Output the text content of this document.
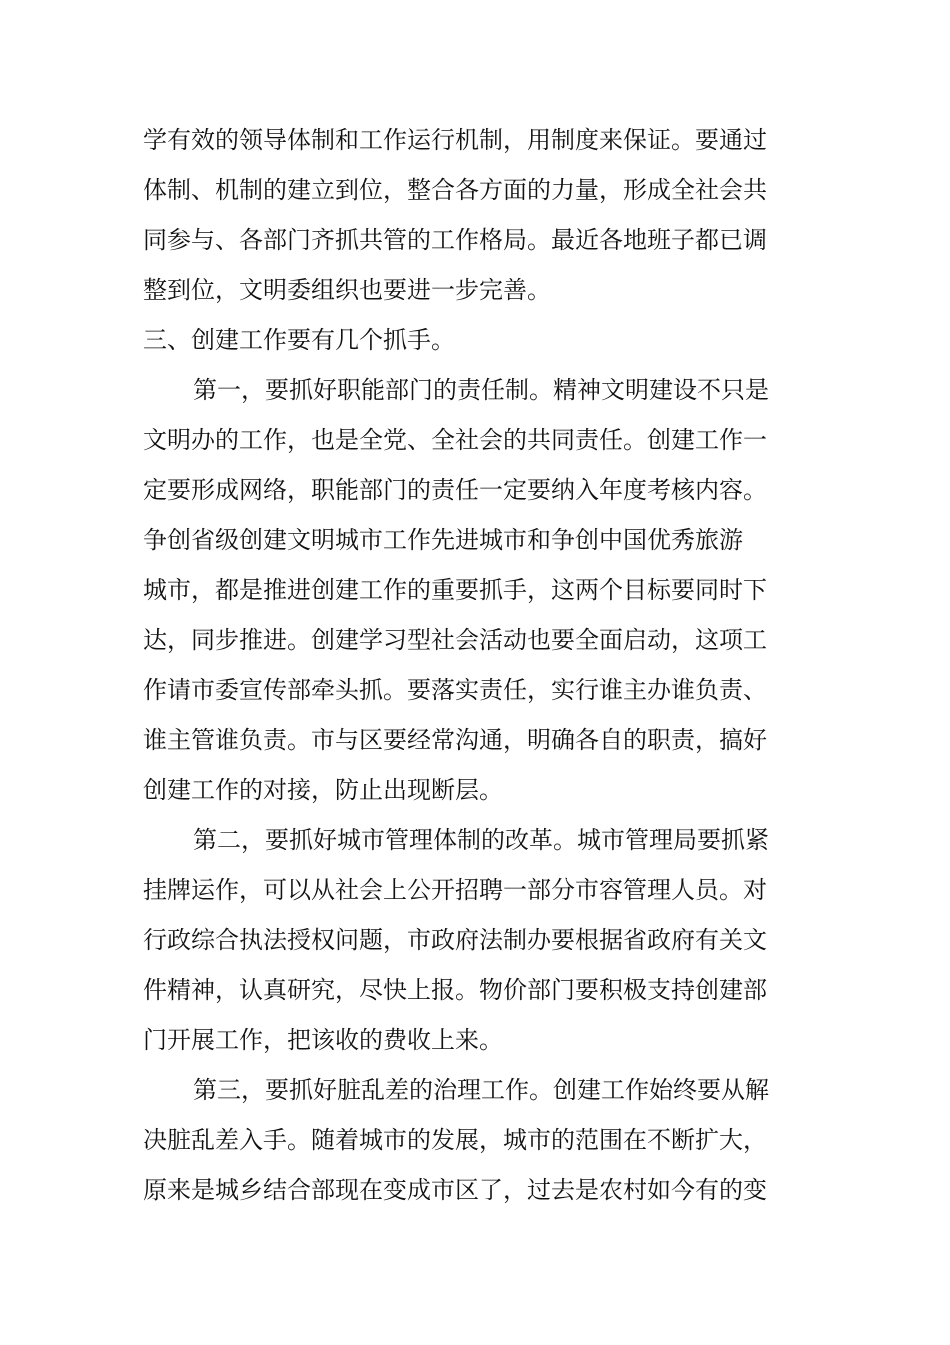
学有效的领导体制和工作运行机制，用制度来保证。要通过
体制、机制的建立到位，整合各方面的力量，形成全社会共
同参与、各部门齐抓共管的工作格局。最近各地班子都已调
整到位，文明委组织也要进一步完善。
三、创建工作要有几个抓手。
第一，要抓好职能部门的责任制。精神文明建设不只是
文明办的工作，也是全党、全社会的共同责任。创建工作一
定要形成网络，职能部门的责任一定要纳入年度考核内容。
争创省级创建文明城市工作先进城市和争创中国优秀旅游
城市，都是推进创建工作的重要抓手，这两个目标要同时下
达，同步推进。创建学习型社会活动也要全面启动，这项工
作请市委宣传部牵头抓。要落实责任，实行谁主办谁负责、
谁主管谁负责。市与区要经常沟通，明确各自的职责，搞好
创建工作的对接，防止出现断层。
第二，要抓好城市管理体制的改革。城市管理局要抓紧
挂牌运作，可以从社会上公开招聘一部分市容管理人员。对
行政综合执法授权问题，市政府法制办要根据省政府有关文
件精神，认真研究，尽快上报。物价部门要积极支持创建部
门开展工作，把该收的费收上来。
第三，要抓好脏乱差的治理工作。创建工作始终要从解
决脏乱差入手。随着城市的发展，城市的范围在不断扩大，
原来是城乡结合部现在变成市区了，过去是农村如今有的变
